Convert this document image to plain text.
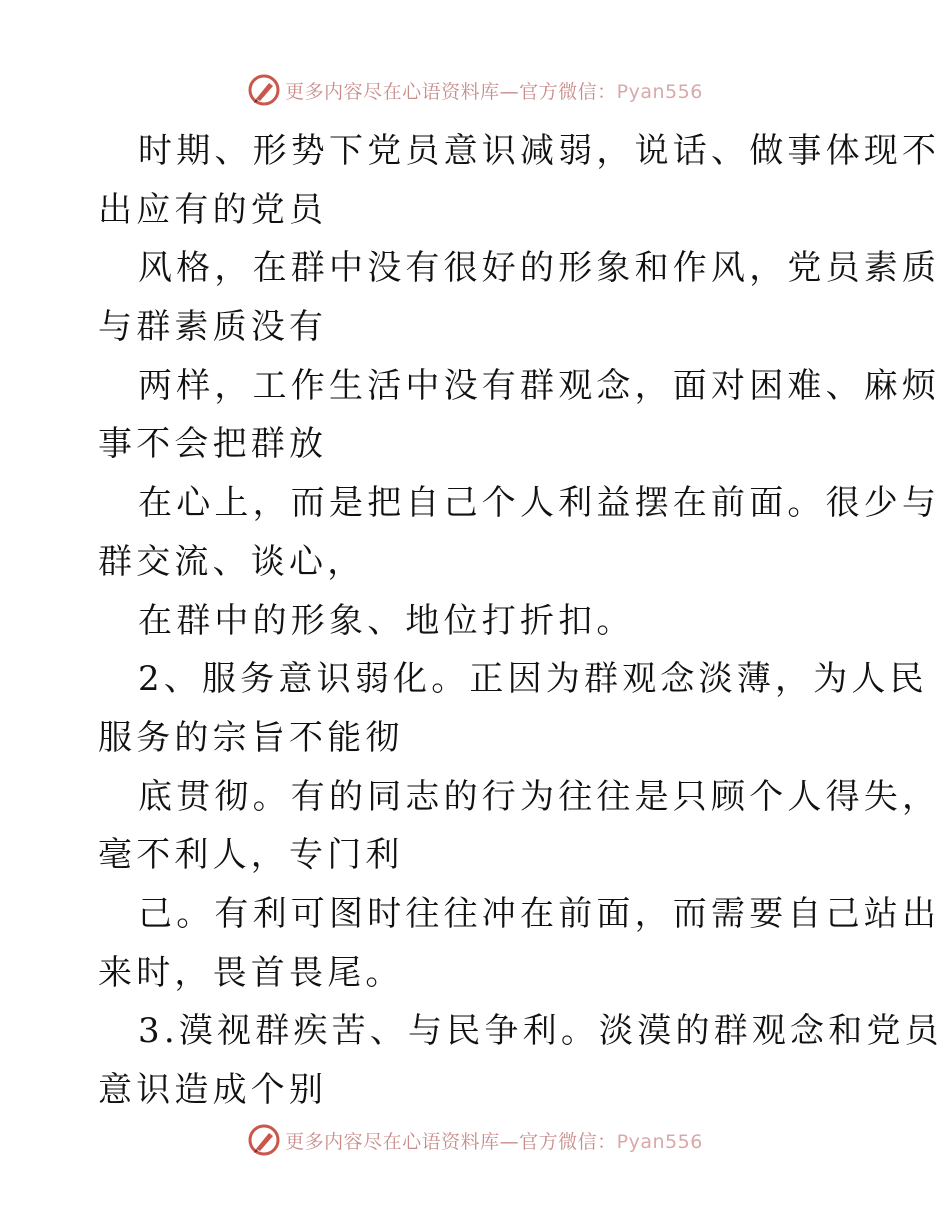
更多内容尽在心语资料库—官方微信：Pyan556
时期、形势下党员意识减弱，说话、做事体现不
出应有的党员
风格，在群中没有很好的形象和作风，党员素质
与群素质没有
两样，工作生活中没有群观念，面对困难、麻烦
事不会把群放
在心上，而是把自己个人利益摆在前面。很少与
群交流、谈心，
在群中的形象、地位打折扣。
2、服务意识弱化。正因为群观念淡薄，为人民
服务的宗旨不能彻
底贯彻。有的同志的行为往往是只顾个人得失，
毫不利人，专门利
己。有利可图时往往冲在前面，而需要自己站出
来时，畏首畏尾。
3.漠视群疾苦、与民争利。淡漠的群观念和党员
意识造成个别
更多内容尽在心语资料库—官方微信：Pyan556
